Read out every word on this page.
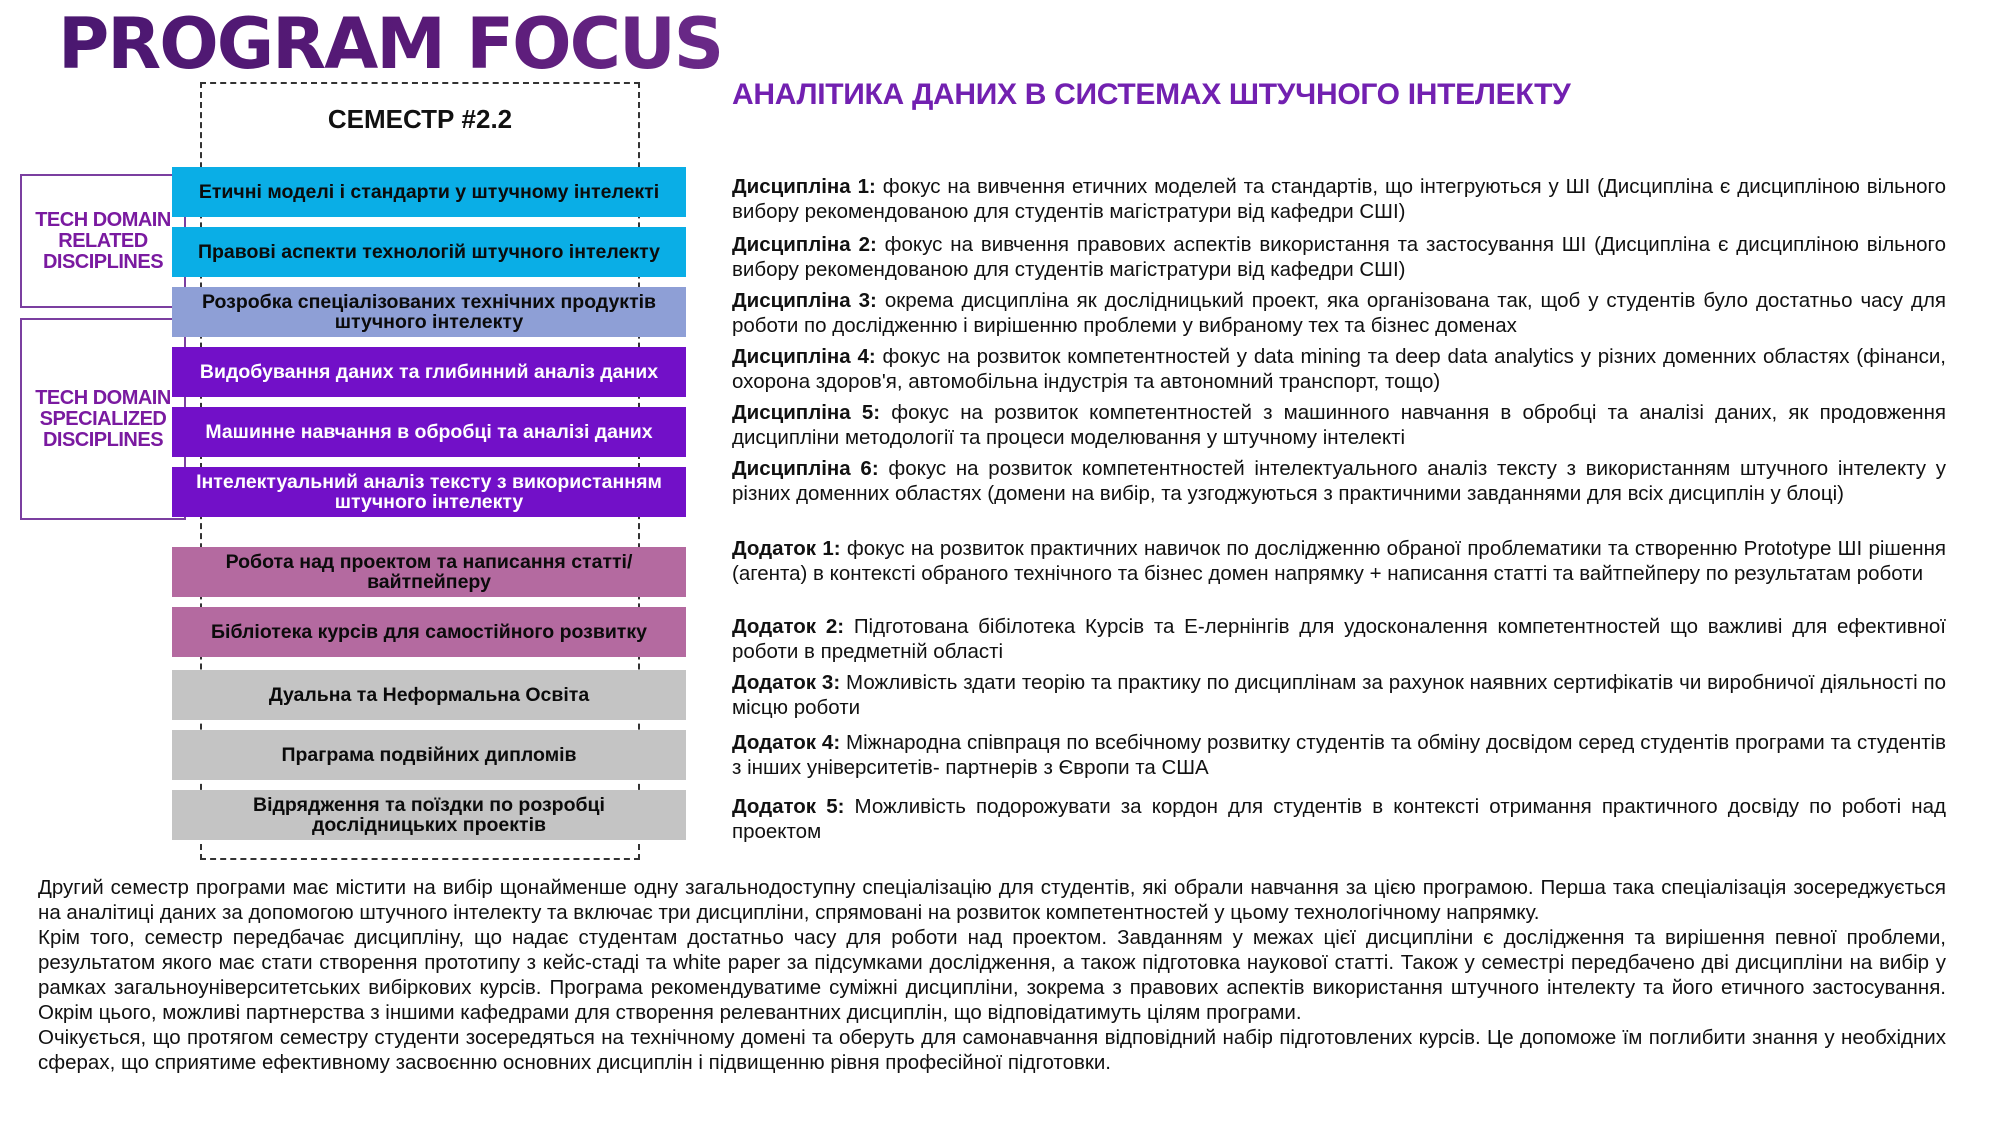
PROGRAM FOCUS
СЕМЕСТР #2.2
TECH DOMAIN
RELATED
DISCIPLINES
TECH DOMAIN
SPECIALIZED
DISCIPLINES
Етичні моделі і стандарти у штучному інтелекті
Правові аспекти технологій штучного інтелекту
Розробка спеціалізованих технічних продуктів штучного інтелекту
Видобування даних та глибинний аналіз даних
Машинне навчання в обробці та аналізі даних
Інтелектуальний аналіз тексту з використанням штучного інтелекту
Робота над проектом та написання статті/вайтпейперу
Бібліотека курсів для самостійного розвитку
Дуальна та Неформальна Освіта
Праграма подвійних дипломів
Відрядження та поїздки по розробці дослідницьких проектів
АНАЛІТИКА ДАНИХ В СИСТЕМАХ ШТУЧНОГО ІНТЕЛЕКТУ
Дисципліна 1: фокус на вивчення етичних моделей та стандартів, що інтегруються у ШІ (Дисципліна є дисципліною вільного вибору рекомендованою для студентів магістратури від кафедри СШІ)
Дисципліна 2: фокус на вивчення правових аспектів використання та застосування ШІ (Дисципліна є дисципліною вільного вибору рекомендованою для студентів магістратури від кафедри СШІ)
Дисципліна 3: окрема дисципліна як дослідницький проект, яка організована так, щоб у студентів було достатньо часу для роботи по дослідженню і вирішенню проблеми у вибраному тех та бізнес доменах
Дисципліна 4: фокус на розвиток компетентностей у data mining та deep data analytics у різних доменних областях (фінанси, охорона здоров'я, автомобільна індустрія та автономний транспорт, тощо)
Дисципліна 5: фокус на розвиток компетентностей з машинного навчання в обробці та аналізі даних, як продовження дисципліни методології та процеси моделювання у штучному інтелекті
Дисципліна 6: фокус на розвиток компетентностей інтелектуального аналіз тексту з використанням штучного інтелекту у різних доменних областях (домени на вибір, та узгоджуються з практичними завданнями для всіх дисциплін у блоці)
Додаток 1: фокус на розвиток практичних навичок по дослідженню обраної проблематики та створенню Prototype ШІ рішення (агента) в контексті обраного технічного та бізнес домен напрямку + написання статті та вайтпейперу по результатам роботи
Додаток 2: Підготована бібілотека Курсів та Е-лернінгів для удосконалення компетентностей що важливі для ефективної роботи в предметній області
Додаток 3: Можливість здати теорію та практику по дисциплінам за рахунок наявних сертифікатів чи виробничої діяльності по місцю роботи
Додаток 4: Міжнародна співпраця по всебічному розвитку студентів та обміну досвідом серед студентів програми та студентів з інших університетів- партнерів з Європи та США
Додаток 5: Можливість подорожувати за кордон для студентів в контексті отримання практичного досвіду по роботі над проектом

Другий семестр програми має містити на вибір щонайменше одну загальнодоступну спеціалізацію для студентів, які обрали навчання за цією програмою. Перша така спеціалізація зосереджується на аналітиці даних за допомогою штучного інтелекту та включає три дисципліни, спрямовані на розвиток компетентностей у цьому технологічному напрямку.

Крім того, семестр передбачає дисципліну, що надає студентам достатньо часу для роботи над проектом. Завданням у межах цієї дисципліни є дослідження та вирішення певної проблеми, результатом якого має стати створення прототипу з кейс-стаді та white paper за підсумками дослідження, а також підготовка наукової статті. Також у семестрі передбачено дві дисципліни на вибір у рамках загальноуніверситетських вибіркових курсів. Програма рекомендуватиме суміжні дисципліни, зокрема з правових аспектів використання штучного інтелекту та його етичного застосування. Окрім цього, можливі партнерства з іншими кафедрами для створення релевантних дисциплін, що відповідатимуть цілям програми.

Очікується, що протягом семестру студенти зосередяться на технічному домені та оберуть для самонавчання відповідний набір підготовлених курсів. Це допоможе їм поглибити знання у необхідних сферах, що сприятиме ефективному засвоєнню основних дисциплін і підвищенню рівня професійної підготовки.
